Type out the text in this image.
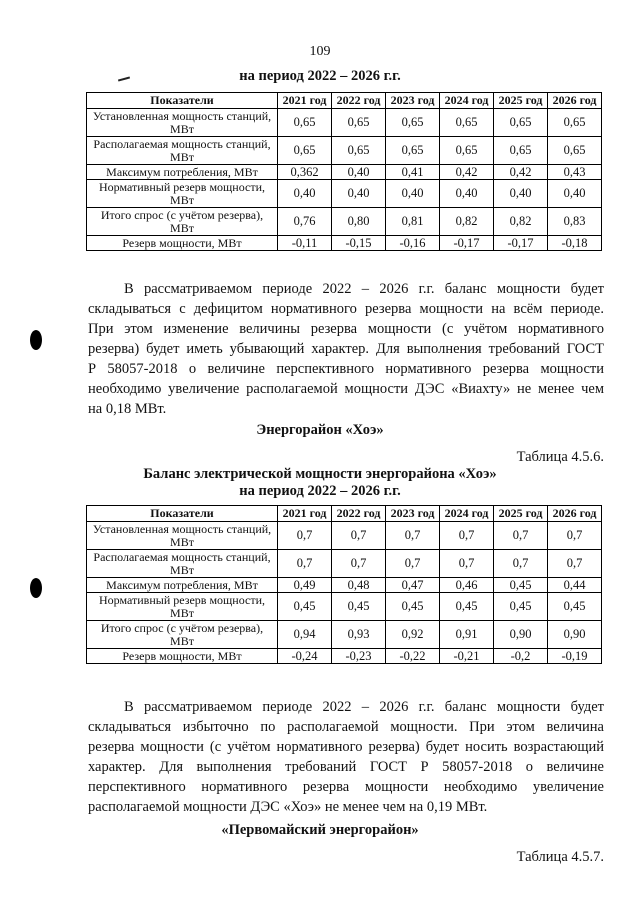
109
на период 2022 – 2026 г.г.
Показатели	2021 год	2022 год	2023 год	2024 год	2025 год	2026 год
Установленная мощность станций, МВт	0,65	0,65	0,65	0,65	0,65	0,65
Располагаемая мощность станций, МВт	0,65	0,65	0,65	0,65	0,65	0,65
Максимум потребления, МВт	0,362	0,40	0,41	0,42	0,42	0,43
Нормативный резерв мощности, МВт	0,40	0,40	0,40	0,40	0,40	0,40
Итого спрос (с учётом резерва), МВт	0,76	0,80	0,81	0,82	0,82	0,83
Резерв мощности, МВт	-0,11	-0,15	-0,16	-0,17	-0,17	-0,18
В рассматриваемом периоде 2022 – 2026 г.г. баланс мощности будет
складываться с дефицитом нормативного резерва мощности на всём периоде.
При этом изменение величины резерва мощности (с учётом нормативного
резерва) будет иметь убывающий характер. Для выполнения требований ГОСТ
Р 58057-2018 о величине перспективного нормативного резерва мощности
необходимо увеличение располагаемой мощности ДЭС «Виахту» не менее чем
на 0,18 МВт.
Энергорайон «Хоэ»
Таблица 4.5.6.
Баланс электрической мощности энергорайона «Хоэ»
на период 2022 – 2026 г.г.
Показатели	2021 год	2022 год	2023 год	2024 год	2025 год	2026 год
Установленная мощность станций, МВт	0,7	0,7	0,7	0,7	0,7	0,7
Располагаемая мощность станций, МВт	0,7	0,7	0,7	0,7	0,7	0,7
Максимум потребления, МВт	0,49	0,48	0,47	0,46	0,45	0,44
Нормативный резерв мощности, МВт	0,45	0,45	0,45	0,45	0,45	0,45
Итого спрос (с учётом резерва), МВт	0,94	0,93	0,92	0,91	0,90	0,90
Резерв мощности, МВт	-0,24	-0,23	-0,22	-0,21	-0,2	-0,19
В рассматриваемом периоде 2022 – 2026 г.г. баланс мощности будет
складываться избыточно по располагаемой мощности. При этом величина
резерва мощности (с учётом нормативного резерва) будет носить возрастающий
характер. Для выполнения требований ГОСТ Р 58057-2018 о величине
перспективного нормативного резерва мощности необходимо увеличение
располагаемой мощности ДЭС «Хоэ» не менее чем на 0,19 МВт.
«Первомайский энергорайон»
Таблица 4.5.7.
